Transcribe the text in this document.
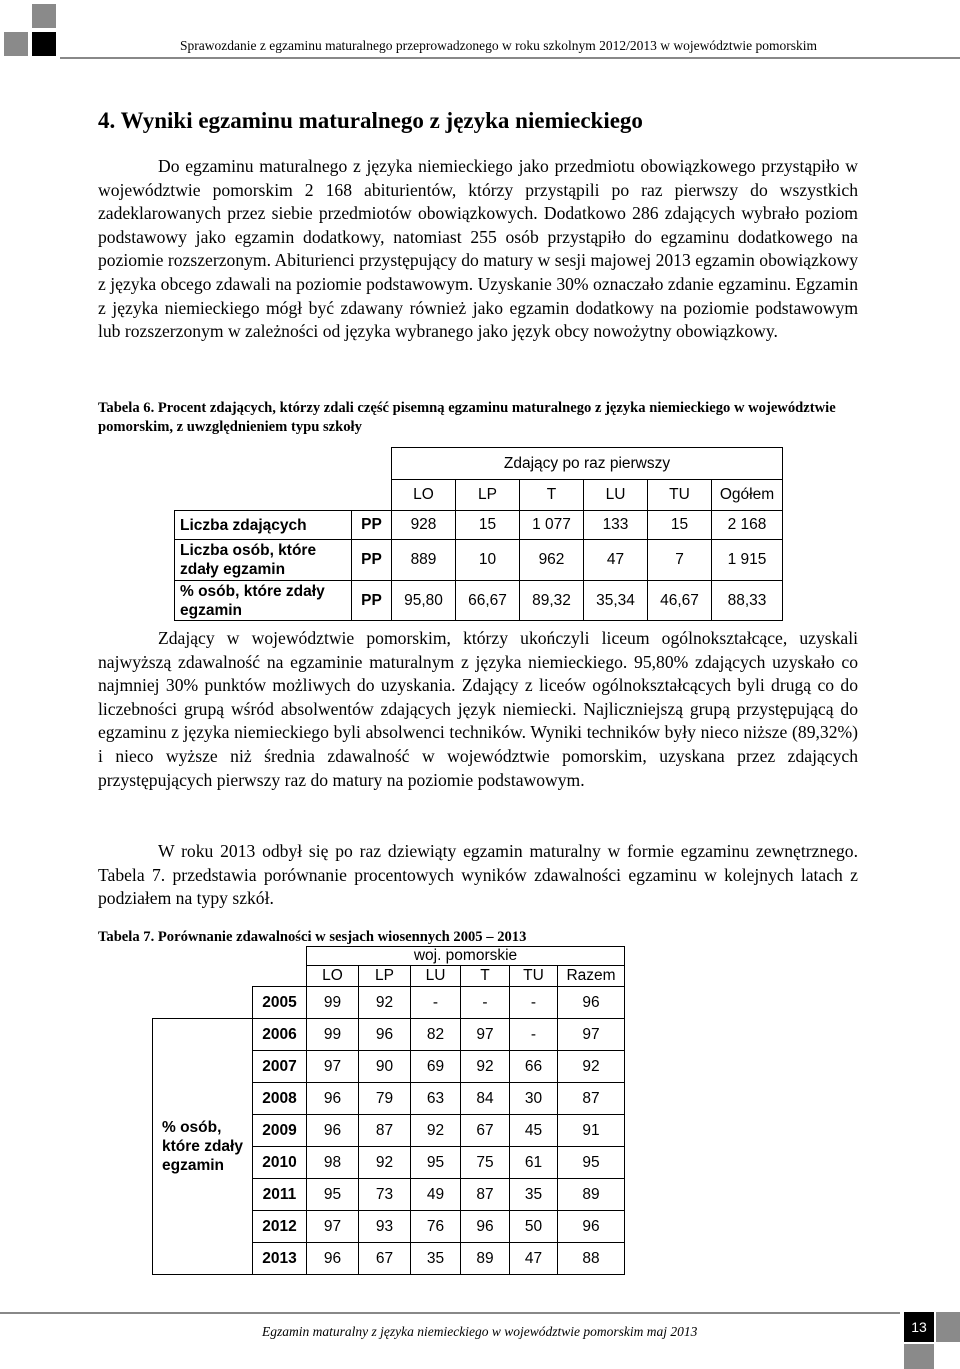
Sprawozdanie z egzaminu maturalnego przeprowadzonego w roku szkolnym 2012/2013 w województwie pomorskim
4. Wyniki egzaminu maturalnego z języka niemieckiego

Do egzaminu maturalnego z języka niemieckiego jako przedmiotu obowiązkowego przystąpiło w województwie pomorskim 2 168 abiturientów, którzy przystąpili po raz pierwszy do wszystkich zadeklarowanych przez siebie przedmiotów obowiązkowych. Dodatkowo 286 zdających wybrało poziom podstawowy jako egzamin dodatkowy, natomiast 255 osób przystąpiło do egzaminu dodatkowego na poziomie rozszerzonym. Abiturienci przystępujący do matury w sesji majowej 2013 egzamin obowiązkowy z języka obcego zdawali na poziomie podstawowym. Uzyskanie 30% oznaczało zdanie egzaminu. Egzamin z języka niemieckiego mógł być zdawany również jako egzamin dodatkowy na poziomie podstawowym lub rozszerzonym w zależności od języka wybranego jako język obcy nowożytny obowiązkowy.

Tabela 6. Procent zdających, którzy zdali część pisemną egzaminu maturalnego z języka niemieckiego w województwie pomorskim, z uwzględnieniem typu szkoły

		Zdający po raz pierwszy					
		LO	LP	T	LU	TU	Ogółem
Liczba zdających	PP	928	15	1 077	133	15	2 168
Liczba osób, które zdały egzamin	PP	889	10	962	47	7	1 915
% osób, które zdały egzamin	PP	95,80	66,67	89,32	35,34	46,67	88,33

Zdający w województwie pomorskim, którzy ukończyli liceum ogólnokształcące, uzyskali najwyższą zdawalność na egzaminie maturalnym z języka niemieckiego. 95,80% zdających uzyskało co najmniej 30% punktów możliwych do uzyskania. Zdający z liceów ogólnokształcących byli drugą co do liczebności grupą wśród absolwentów zdających język niemiecki. Najliczniejszą grupą przystępującą do egzaminu z języka niemieckiego byli absolwenci techników. Wyniki techników były nieco niższe (89,32%) i nieco wyższe niż średnia zdawalność w województwie pomorskim, uzyskana przez zdających przystępujących pierwszy raz do matury na poziomie podstawowym.

W roku 2013 odbył się po raz dziewiąty egzamin maturalny w formie egzaminu zewnętrznego. Tabela 7. przedstawia porównanie procentowych wyników zdawalności egzaminu w kolejnych latach z podziałem na typy szkół.

Tabela 7. Porównanie zdawalności w sesjach wiosennych 2005 – 2013

		woj. pomorskie					
		LO	LP	LU	T	TU	Razem
	2005	99	92	-	-	-	96
% osób, które zdały egzamin	2006	99	96	82	97	-	97
	2007	97	90	69	92	66	92
	2008	96	79	63	84	30	87
	2009	96	87	92	67	45	91
	2010	98	92	95	75	61	95
	2011	95	73	49	87	35	89
	2012	97	93	76	96	50	96
	2013	96	67	35	89	47	88
Egzamin maturalny z języka niemieckiego w województwie pomorskim maj 2013	13
